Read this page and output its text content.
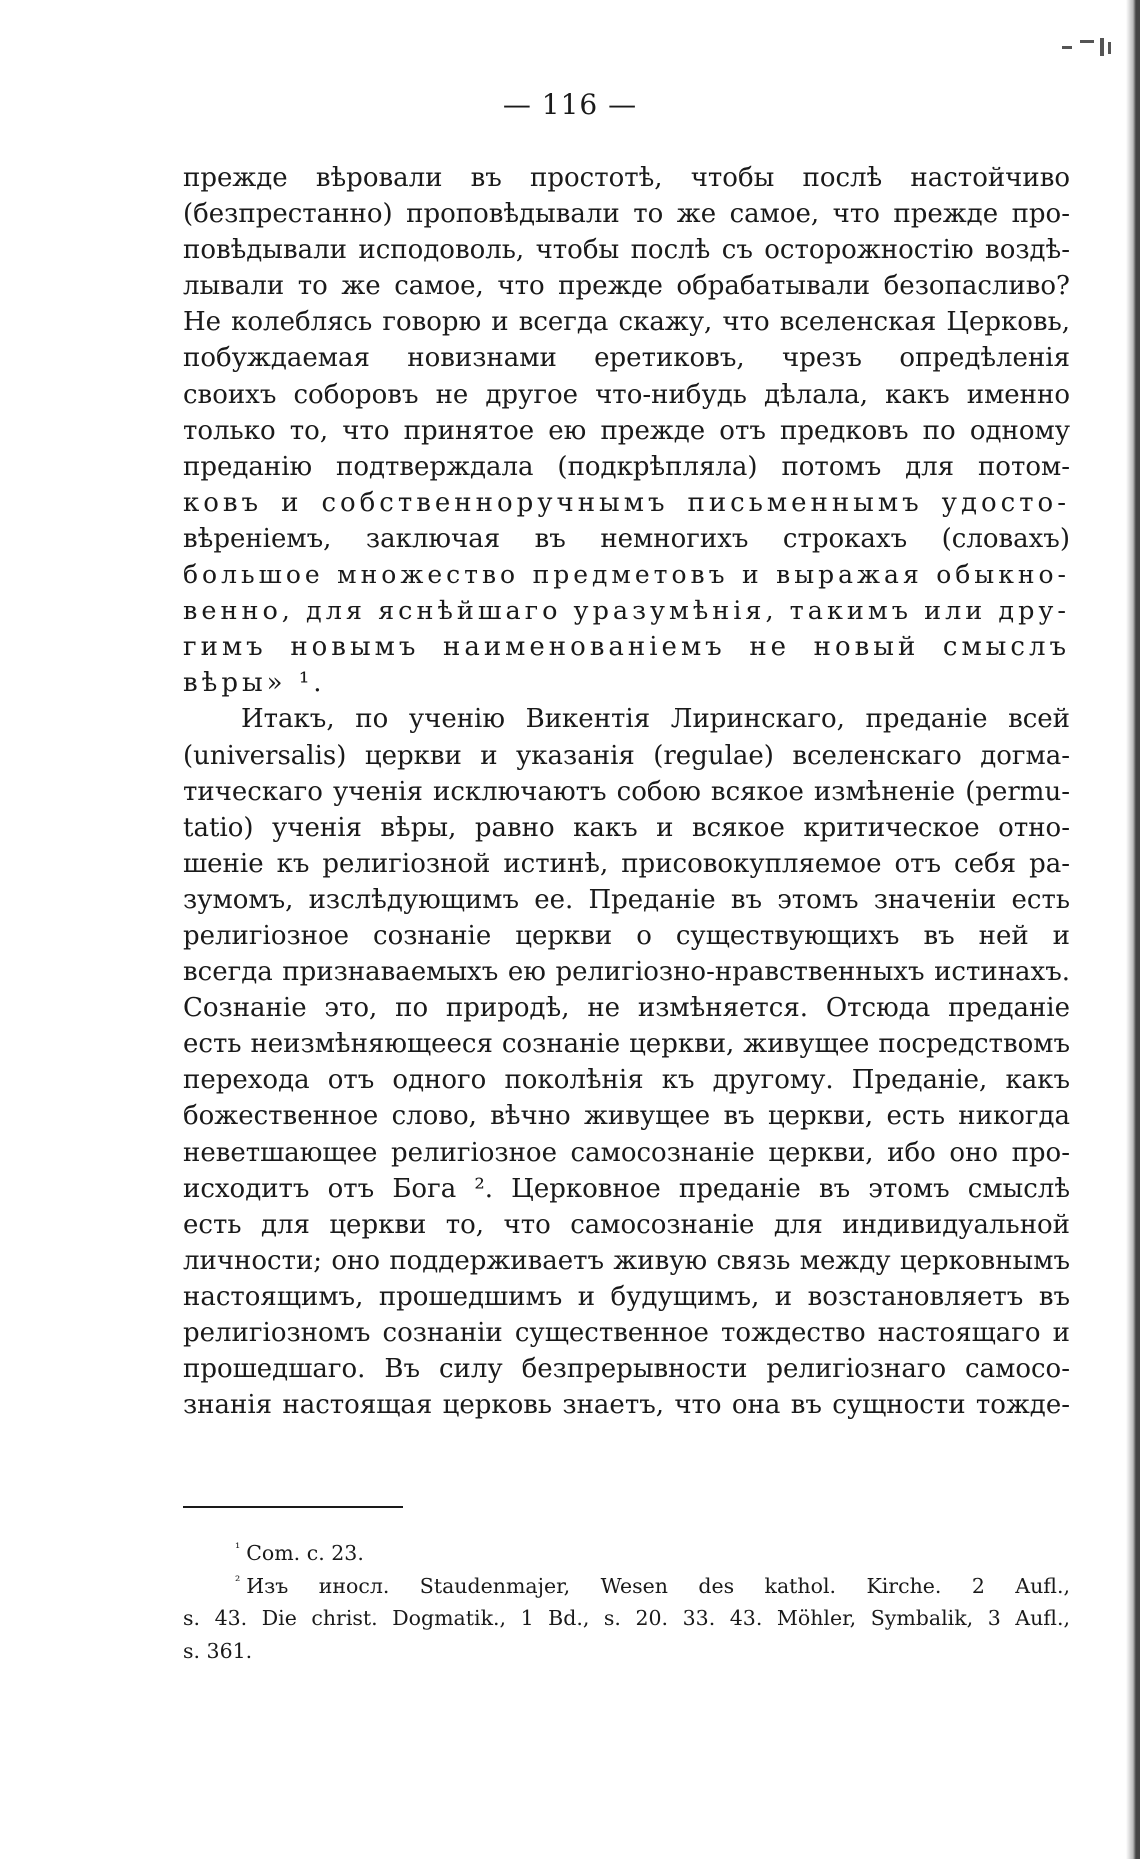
— 116 —
прежде вѣровали въ простотѣ, чтобы послѣ настойчиво
(безпрестанно) проповѣдывали то же самое, что прежде про-
повѣдывали исподоволь, чтобы послѣ съ осторожностію воздѣ-
лывали то же самое, что прежде обрабатывали безопасливо?
Не колеблясь говорю и всегда скажу, что вселенская Церковь,
побуждаемая новизнами еретиковъ, чрезъ опредѣленія
своихъ соборовъ не другое что-нибудь дѣлала, какъ именно
только то, что принятое ею прежде отъ предковъ по одному
преданію подтверждала (подкрѣпляла) потомъ для потом-
ковъ и собственноручнымъ письменнымъ удосто-
вѣреніемъ, заключая въ немногихъ строкахъ (словахъ)
большое множество предметовъ и выражая обыкно-
венно, для яснѣйшаго уразумѣнія, такимъ или дру-
гимъ новымъ наименованіемъ не новый смыслъ
вѣры» ¹.
Итакъ, по ученію Викентія Лиринскаго, преданіе всей
(universalis) церкви и указанія (regulae) вселенскаго догма-
тическаго ученія исключаютъ собою всякое измѣненіе (permu-
tatio) ученія вѣры, равно какъ и всякое критическое отно-
шеніе къ религіозной истинѣ, присовокупляемое отъ себя ра-
зумомъ, изслѣдующимъ ее. Преданіе въ этомъ значеніи есть
религіозное сознаніе церкви о существующихъ въ ней и
всегда признаваемыхъ ею религіозно-нравственныхъ истинахъ.
Сознаніе это, по природѣ, не измѣняется. Отсюда преданіе
есть неизмѣняющееся сознаніе церкви, живущее посредствомъ
перехода отъ одного поколѣнія къ другому. Преданіе, какъ
божественное слово, вѣчно живущее въ церкви, есть никогда
неветшающее религіозное самосознаніе церкви, ибо оно про-
исходитъ отъ Бога ². Церковное преданіе въ этомъ смыслѣ
есть для церкви то, что самосознаніе для индивидуальной
личности; оно поддерживаетъ живую связь между церковнымъ
настоящимъ, прошедшимъ и будущимъ, и возстановляетъ въ
религіозномъ сознаніи существенное тождество настоящаго и
прошедшаго. Въ силу безпрерывности религіознаго самосо-
знанія настоящая церковь знаетъ, что она въ сущности тожде-
$^{^1}$ Com. c. 23.
$^{^2}$ Изъ иносл. Staudenmajer, Wesen des kathol. Kirche. 2 Aufl.,
s. 43. Die christ. Dogmatik., 1 Bd., s. 20. 33. 43. Möhler, Symbalik, 3 Aufl.,
s. 361.
